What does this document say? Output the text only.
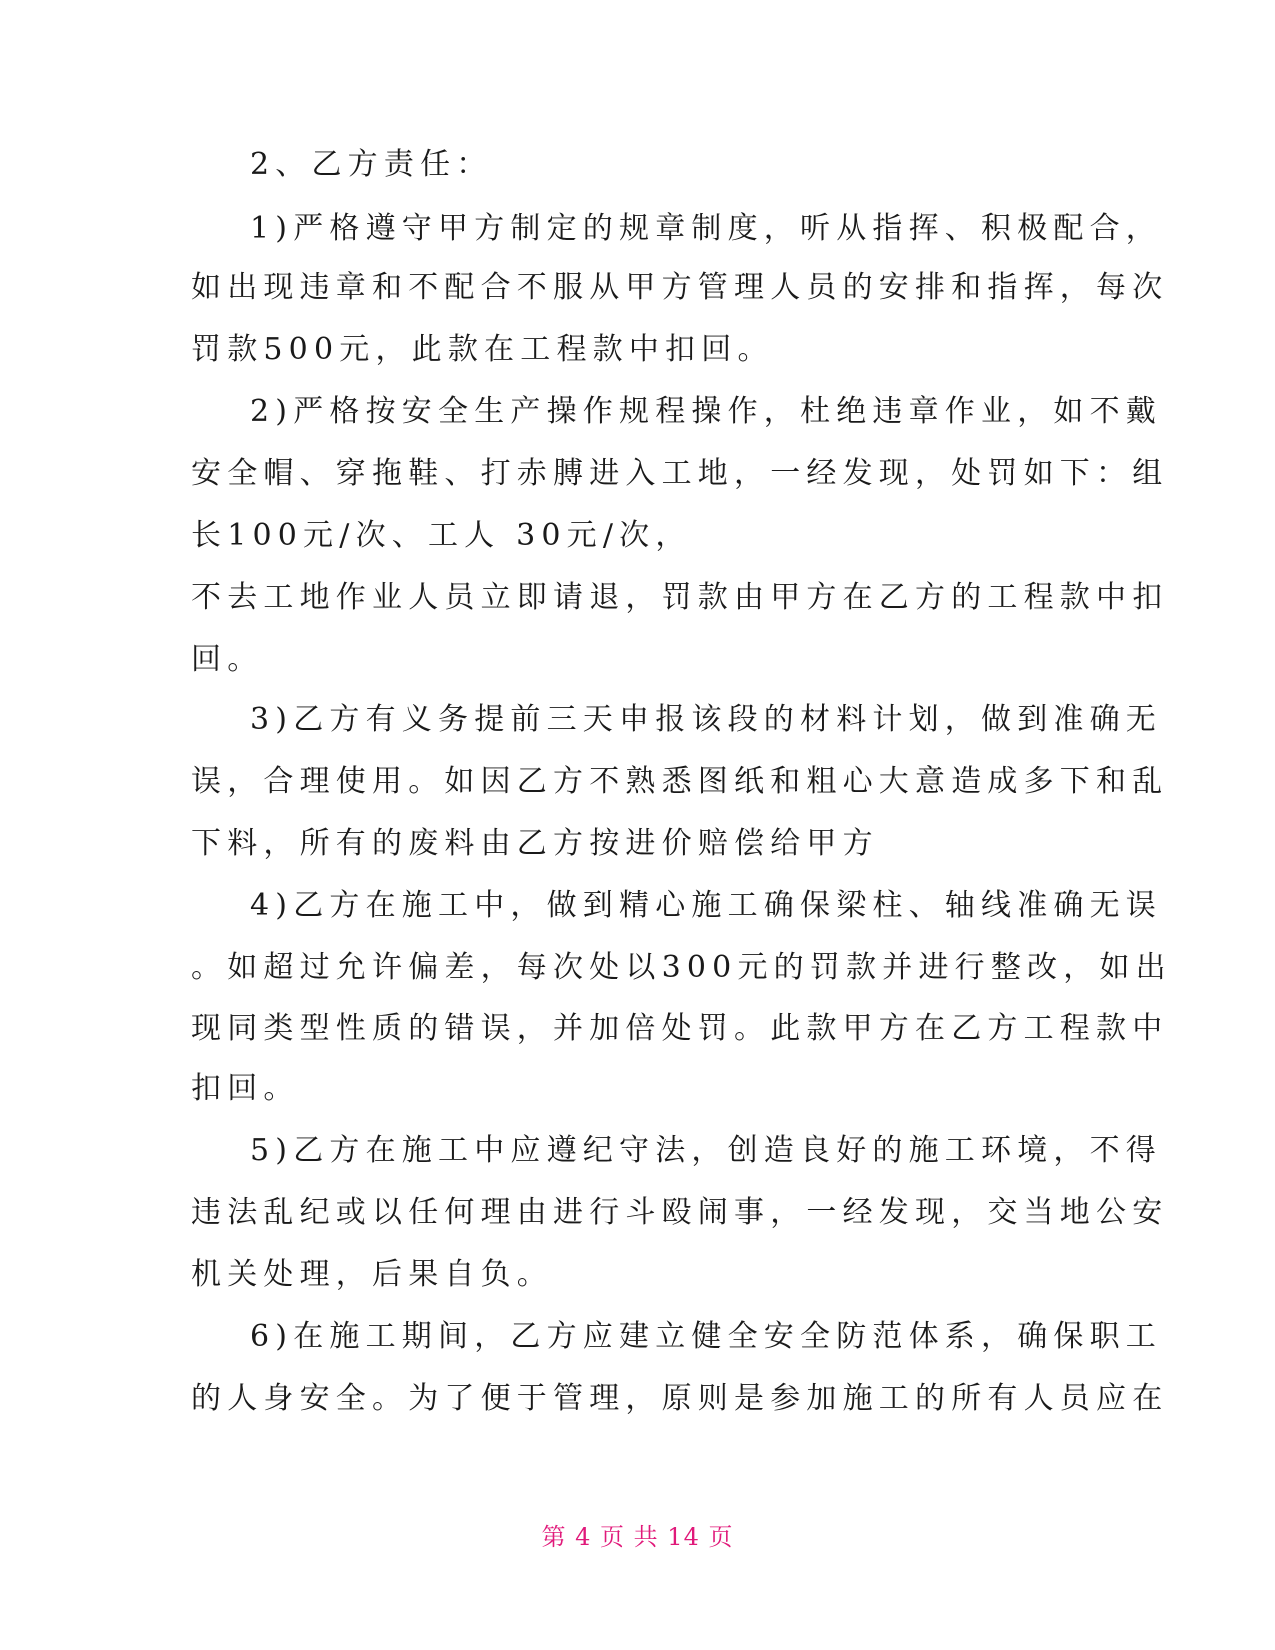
2、乙方责任：
1)严格遵守甲方制定的规章制度，听从指挥、积极配合，
如出现违章和不配合不服从甲方管理人员的安排和指挥，每次
罚款500元，此款在工程款中扣回。
2)严格按安全生产操作规程操作，杜绝违章作业，如不戴
安全帽、穿拖鞋、打赤膊进入工地，一经发现，处罚如下：组
长100元/次、工人 30元/次，
不去工地作业人员立即请退，罚款由甲方在乙方的工程款中扣
回。
3)乙方有义务提前三天申报该段的材料计划，做到准确无
误，合理使用。如因乙方不熟悉图纸和粗心大意造成多下和乱
下料，所有的废料由乙方按进价赔偿给甲方
4)乙方在施工中，做到精心施工确保梁柱、轴线准确无误
。如超过允许偏差，每次处以300元的罚款并进行整改，如出
现同类型性质的错误，并加倍处罚。此款甲方在乙方工程款中
扣回。
5)乙方在施工中应遵纪守法，创造良好的施工环境，不得
违法乱纪或以任何理由进行斗殴闹事，一经发现，交当地公安
机关处理，后果自负。
6)在施工期间，乙方应建立健全安全防范体系，确保职工
的人身安全。为了便于管理，原则是参加施工的所有人员应在
第 4 页 共 14 页
